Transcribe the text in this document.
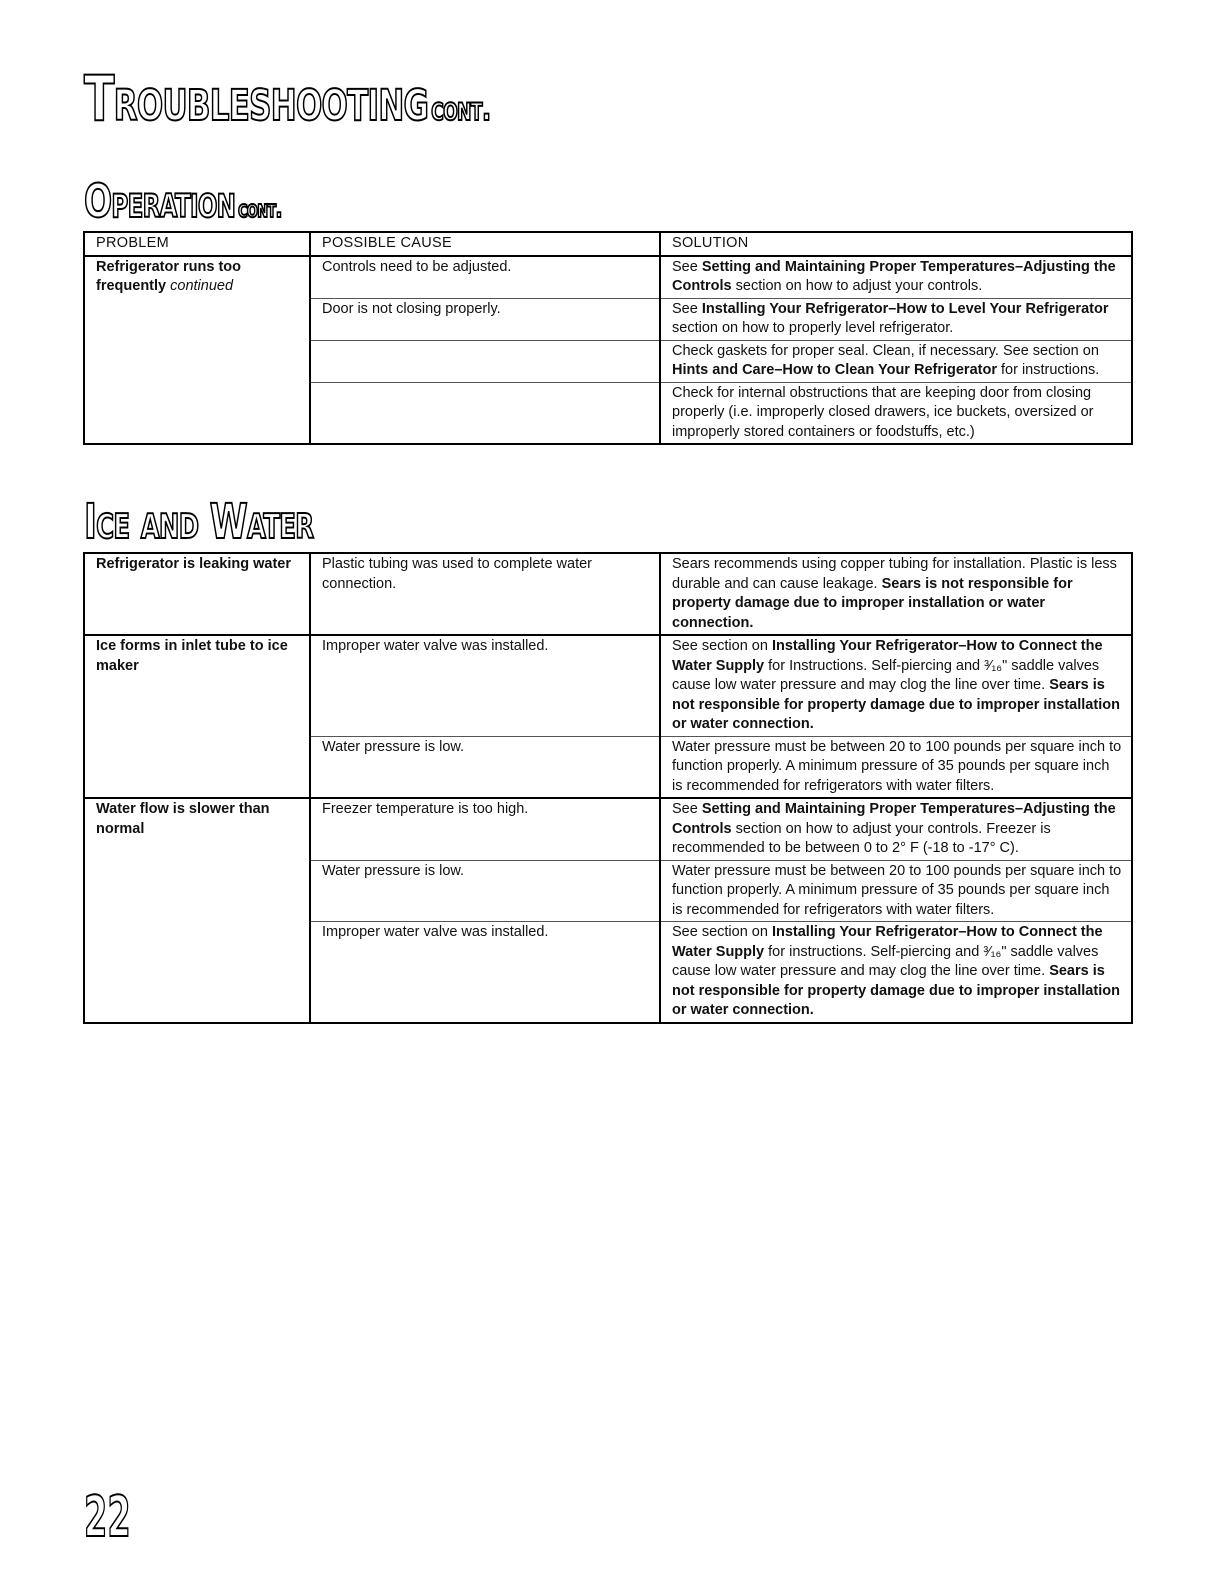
Troubleshootingcont.
Operation cont.
PROBLEM	POSSIBLE CAUSE	SOLUTION
Refrigerator runs too frequently continued	Controls need to be adjusted.	See Setting and Maintaining Proper Temperatures–Adjusting the Controls section on how to adjust your controls.
	Door is not closing properly.	See Installing Your Refrigerator–How to Level Your Refrigerator section on how to properly level refrigerator.
		Check gaskets for proper seal. Clean, if necessary. See section on Hints and Care–How to Clean Your Refrigerator for instructions.
		Check for internal obstructions that are keeping door from closing properly (i.e. improperly closed drawers, ice buckets, oversized or improperly stored containers or foodstuffs, etc.)
Ice and Water
Refrigerator is leaking water	Plastic tubing was used to complete water connection.	Sears recommends using copper tubing for installation. Plastic is less durable and can cause leakage. Sears is not responsible for property damage due to improper installation or water connection.
Ice forms in inlet tube to ice maker	Improper water valve was installed.	See section on Installing Your Refrigerator–How to Connect the Water Supply for Instructions. Self-piercing and ³⁄₁₆" saddle valves cause low water pressure and may clog the line over time. Sears is not responsible for property damage due to improper installation or water connection.
	Water pressure is low.	Water pressure must be between 20 to 100 pounds per square inch to function properly. A minimum pressure of 35 pounds per square inch is recommended for refrigerators with water filters.
Water flow is slower than normal	Freezer temperature is too high.	See Setting and Maintaining Proper Temperatures–Adjusting the Controls section on how to adjust your controls. Freezer is recommended to be between 0 to 2° F (-18 to -17° C).
	Water pressure is low.	Water pressure must be between 20 to 100 pounds per square inch to function properly. A minimum pressure of 35 pounds per square inch is recommended for refrigerators with water filters.
	Improper water valve was installed.	See section on Installing Your Refrigerator–How to Connect the Water Supply for instructions. Self-piercing and ³⁄₁₆" saddle valves cause low water pressure and may clog the line over time. Sears is not responsible for property damage due to improper installation or water connection.
22
